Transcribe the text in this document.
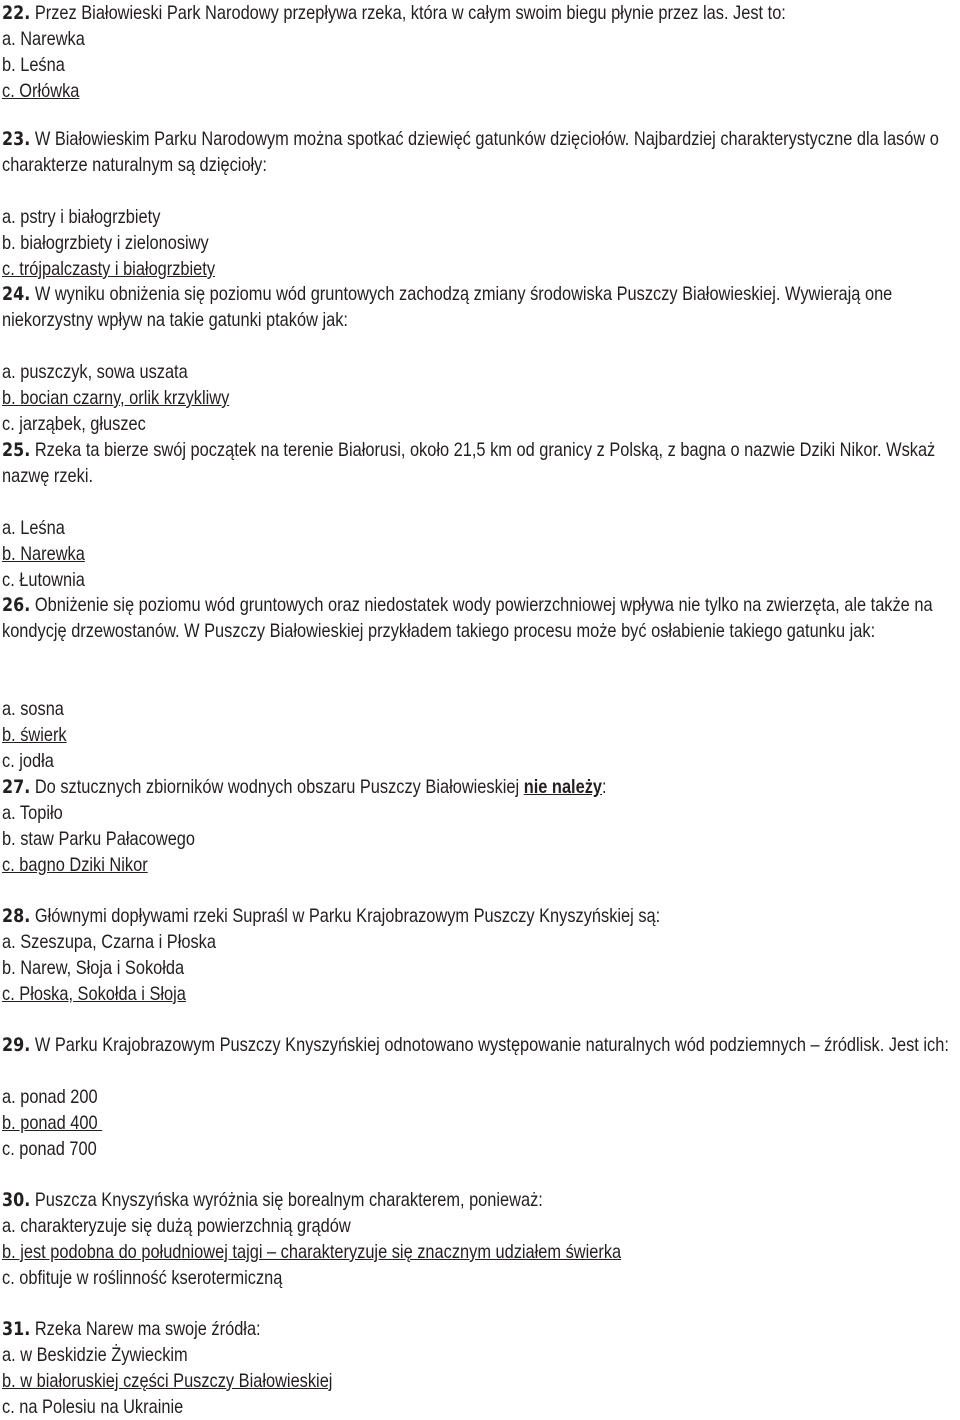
22. Przez Białowieski Park Narodowy przepływa rzeka, która w całym swoim biegu płynie przez las. Jest to:

a. Narewka

b. Leśna

c. Orłówka

23. W Białowieskim Parku Narodowym można spotkać dziewięć gatunków dzięciołów. Najbardziej charakterystyczne dla lasów o charakterze naturalnym są dzięcioły:

a. pstry i białogrzbiety

b. białogrzbiety i zielonosiwy

c. trójpalczasty i białogrzbiety

24. W wyniku obniżenia się poziomu wód gruntowych zachodzą zmiany środowiska Puszczy Białowieskiej. Wywierają one niekorzystny wpływ na takie gatunki ptaków jak:

a. puszczyk, sowa uszata

b. bocian czarny, orlik krzykliwy

c. jarząbek, głuszec

25. Rzeka ta bierze swój początek na terenie Białorusi, około 21,5 km od granicy z Polską, z bagna o nazwie Dziki Nikor. Wskaż nazwę rzeki.

a. Leśna

b. Narewka

c. Łutownia

26. Obniżenie się poziomu wód gruntowych oraz niedostatek wody powierzchniowej wpływa nie tylko na zwierzęta, ale także na kondycję drzewostanów. W Puszczy Białowieskiej przykładem takiego procesu może być osłabienie takiego gatunku jak:

a. sosna

b. świerk

c. jodła

27. Do sztucznych zbiorników wodnych obszaru Puszczy Białowieskiej nie należy:

a. Topiło

b. staw Parku Pałacowego

c. bagno Dziki Nikor

28. Głównymi dopływami rzeki Supraśl w Parku Krajobrazowym Puszczy Knyszyńskiej są:

a. Szeszupa, Czarna i Płoska

b. Narew, Słoja i Sokołda

c. Płoska, Sokołda i Słoja

29. W Parku Krajobrazowym Puszczy Knyszyńskiej odnotowano występowanie naturalnych wód podziemnych – źródlisk. Jest ich:

a. ponad 200

b. ponad 400

c. ponad 700

30. Puszcza Knyszyńska wyróżnia się borealnym charakterem, ponieważ:

a. charakteryzuje się dużą powierzchnią grądów

b. jest podobna do południowej tajgi – charakteryzuje się znacznym udziałem świerka

c. obfituje w roślinność kserotermiczną

31. Rzeka Narew ma swoje źródła:

a. w Beskidzie Żywieckim

b. w białoruskiej części Puszczy Białowieskiej

c. na Polesiu na Ukrainie
